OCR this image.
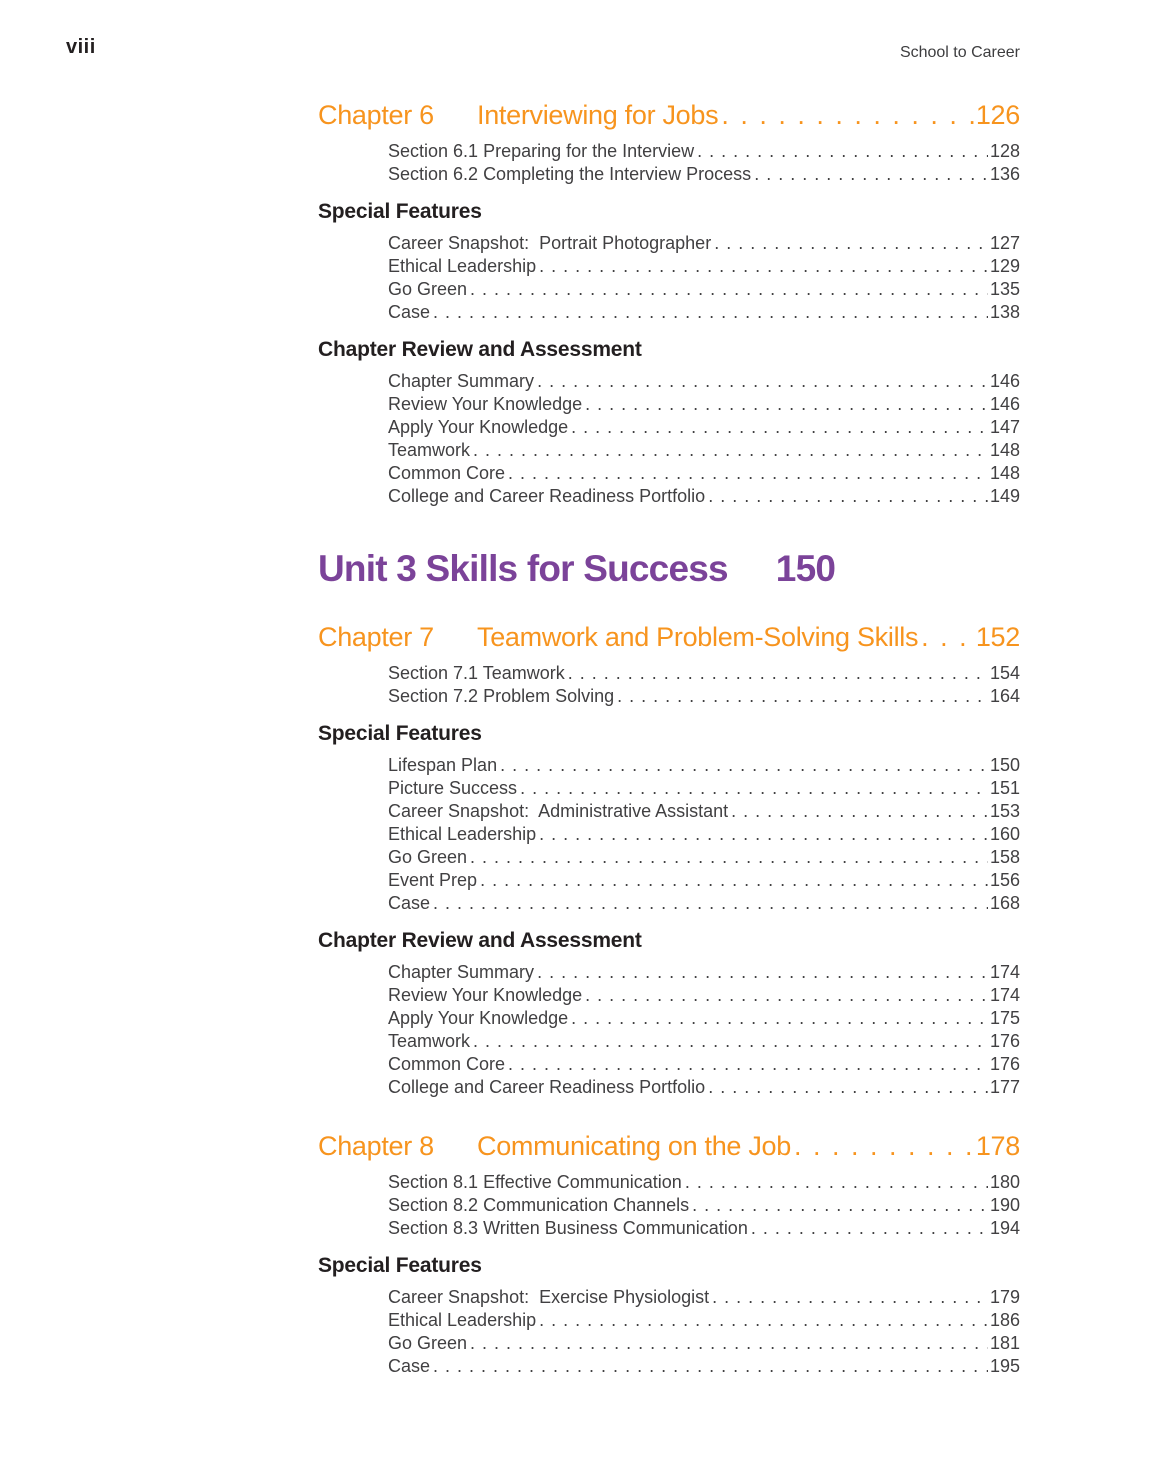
viii	School to Career
Chapter 6	Interviewing for Jobs . . .	126
Section 6.1 Preparing for the Interview . . .	128
Section 6.2 Completing the Interview Process . . .	136
Special Features
Career Snapshot:  Portrait Photographer . . .	127
Ethical Leadership . . .	129
Go Green . . .	135
Case . . .	138
Chapter Review and Assessment
Chapter Summary . . .	146
Review Your Knowledge . . .	146
Apply Your Knowledge . . .	147
Teamwork . . .	148
Common Core . . .	148
College and Career Readiness Portfolio . . .	149
Unit 3 Skills for Success 150
Chapter 7	Teamwork and Problem-Solving Skills . . . 152
Section 7.1 Teamwork . . .	154
Section 7.2 Problem Solving . . .	164
Special Features
Lifespan Plan . . .	150
Picture Success . . .	151
Career Snapshot:  Administrative Assistant . . .	153
Ethical Leadership . . .	160
Go Green . . .	158
Event Prep . . .	156
Case . . .	168
Chapter Review and Assessment
Chapter Summary . . .	174
Review Your Knowledge . . .	174
Apply Your Knowledge . . .	175
Teamwork . . .	176
Common Core . . .	176
College and Career Readiness Portfolio . . .	177
Chapter 8	Communicating on the Job . . .	178
Section 8.1 Effective Communication . . .	180
Section 8.2 Communication Channels . . .	190
Section 8.3 Written Business Communication . . .	194
Special Features
Career Snapshot:  Exercise Physiologist . . .	179
Ethical Leadership . . .	186
Go Green . . .	181
Case . . .	195
